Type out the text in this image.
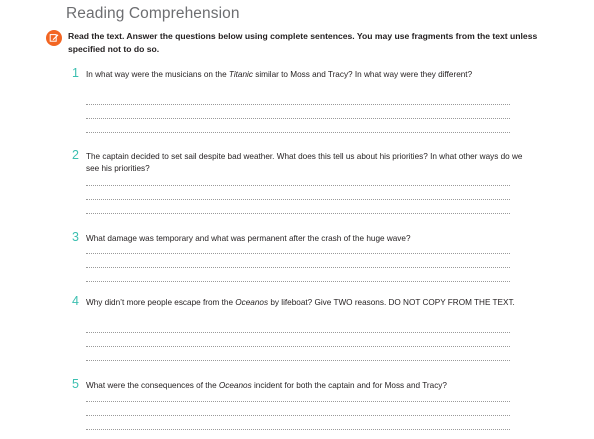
Reading Comprehension
Read the text. Answer the questions below using complete sentences. You may use fragments from the text unless specified not to do so.
1 In what way were the musicians on the Titanic similar to Moss and Tracy? In what way were they different?
2 The captain decided to set sail despite bad weather. What does this tell us about his priorities? In what other ways do we see his priorities?
3 What damage was temporary and what was permanent after the crash of the huge wave?
4 Why didn’t more people escape from the Oceanos by lifeboat? Give TWO reasons. DO NOT COPY FROM THE TEXT.
5 What were the consequences of the Oceanos incident for both the captain and for Moss and Tracy?
